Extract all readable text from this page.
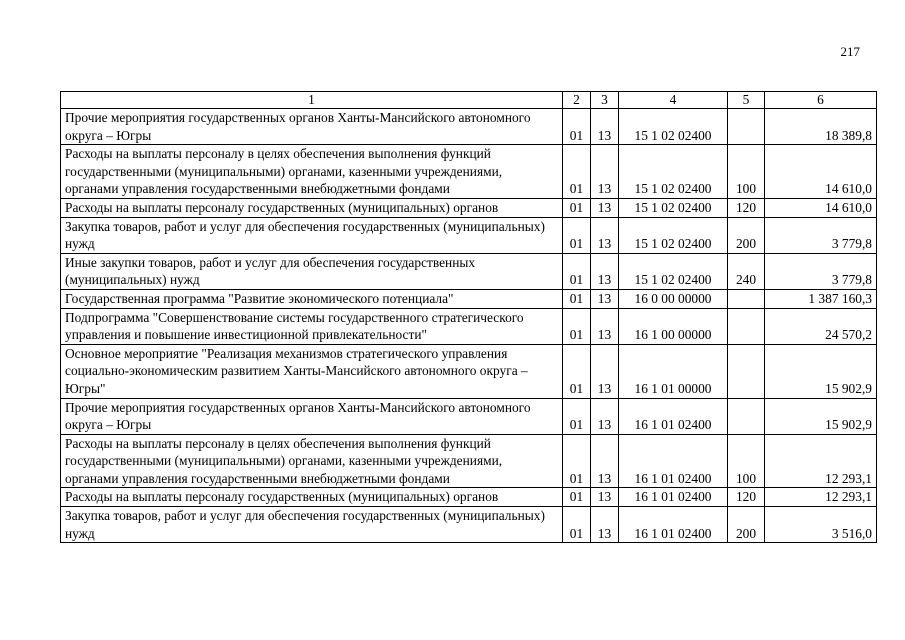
217
1	2	3	4	5	6
Прочие мероприятия государственных органов Ханты-Мансийского автономного округа – Югры	01	13	15 1 02 02400		18 389,8
Расходы на выплаты персоналу в целях обеспечения выполнения функций государственными (муниципальными) органами, казенными учреждениями, органами управления государственными внебюджетными фондами	01	13	15 1 02 02400	100	14 610,0
Расходы на выплаты персоналу государственных (муниципальных) органов	01	13	15 1 02 02400	120	14 610,0
Закупка товаров, работ и услуг для обеспечения государственных (муниципальных) нужд	01	13	15 1 02 02400	200	3 779,8
Иные закупки товаров, работ и услуг для обеспечения государственных (муниципальных) нужд	01	13	15 1 02 02400	240	3 779,8
Государственная программа "Развитие экономического потенциала"	01	13	16 0 00 00000		1 387 160,3
Подпрограмма "Совершенствование системы государственного стратегического управления и повышение инвестиционной привлекательности"	01	13	16 1 00 00000		24 570,2
Основное мероприятие "Реализация механизмов стратегического управления социально-экономическим развитием Ханты-Мансийского автономного округа – Югры"	01	13	16 1 01 00000		15 902,9
Прочие мероприятия государственных органов Ханты-Мансийского автономного округа – Югры	01	13	16 1 01 02400		15 902,9
Расходы на выплаты персоналу в целях обеспечения выполнения функций государственными (муниципальными) органами, казенными учреждениями, органами управления государственными внебюджетными фондами	01	13	16 1 01 02400	100	12 293,1
Расходы на выплаты персоналу государственных (муниципальных) органов	01	13	16 1 01 02400	120	12 293,1
Закупка товаров, работ и услуг для обеспечения государственных (муниципальных) нужд	01	13	16 1 01 02400	200	3 516,0
